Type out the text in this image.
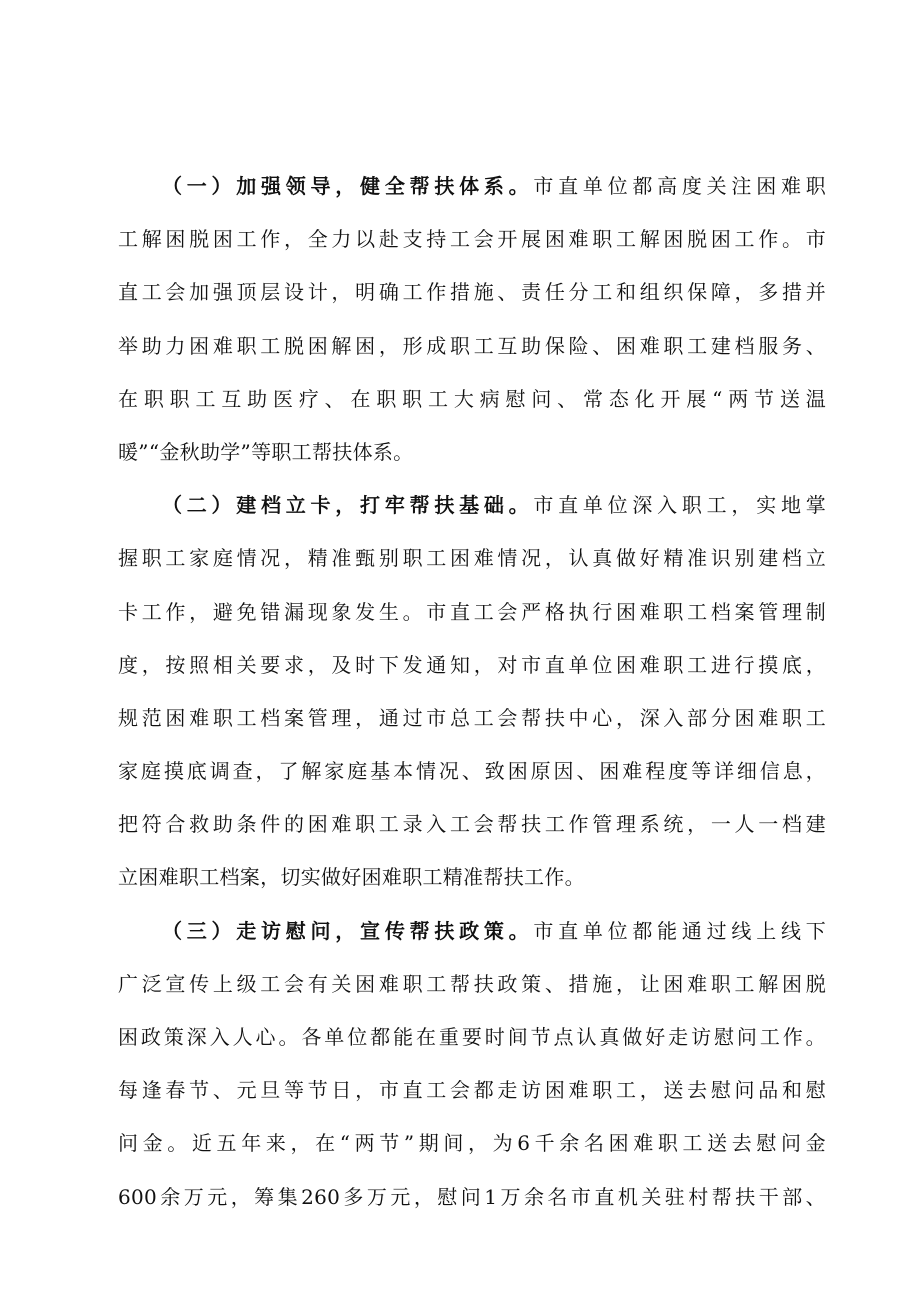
（一）加强领导，健全帮扶体系。市直单位都高度关注困难职
工解困脱困工作，全力以赴支持工会开展困难职工解困脱困工作。市
直工会加强顶层设计，明确工作措施、责任分工和组织保障，多措并
举助力困难职工脱困解困，形成职工互助保险、困难职工建档服务、
在职职工互助医疗、在职职工大病慰问、常态化开展“两节送温
暖”“金秋助学”等职工帮扶体系。
（二）建档立卡，打牢帮扶基础。市直单位深入职工，实地掌
握职工家庭情况，精准甄别职工困难情况，认真做好精准识别建档立
卡工作，避免错漏现象发生。市直工会严格执行困难职工档案管理制
度，按照相关要求，及时下发通知，对市直单位困难职工进行摸底，
规范困难职工档案管理，通过市总工会帮扶中心，深入部分困难职工
家庭摸底调查，了解家庭基本情况、致困原因、困难程度等详细信息，
把符合救助条件的困难职工录入工会帮扶工作管理系统，一人一档建
立困难职工档案，切实做好困难职工精准帮扶工作。
（三）走访慰问，宣传帮扶政策。市直单位都能通过线上线下
广泛宣传上级工会有关困难职工帮扶政策、措施，让困难职工解困脱
困政策深入人心。各单位都能在重要时间节点认真做好走访慰问工作。
每逢春节、元旦等节日，市直工会都走访困难职工，送去慰问品和慰
问金。近五年来，在“两节”期间，为6千余名困难职工送去慰问金
600余万元，筹集260多万元，慰问1万余名市直机关驻村帮扶干部、
